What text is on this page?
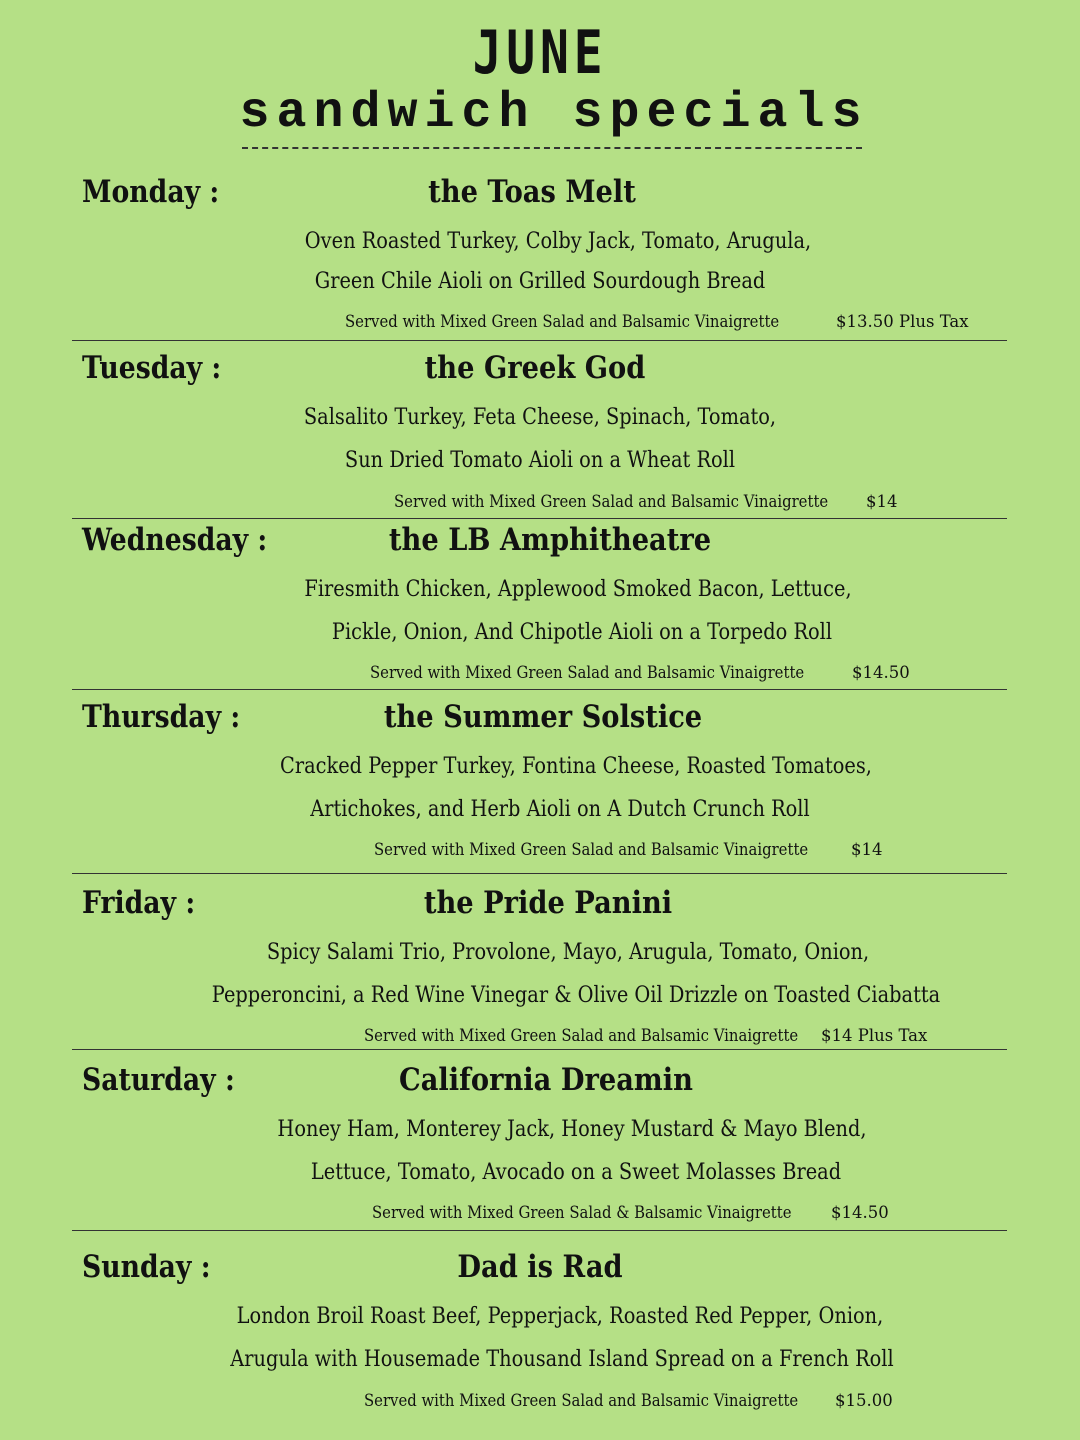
JUNE
sandwich specials
Monday :	the Toas Melt
Oven Roasted Turkey, Colby Jack, Tomato, Arugula,
Green Chile Aioli on Grilled Sourdough Bread
Served with Mixed Green Salad and Balsamic Vinaigrette	$13.50 Plus Tax
Tuesday :	the Greek God
Salsalito Turkey, Feta Cheese, Spinach, Tomato,
Sun Dried Tomato Aioli on a Wheat Roll
Served with Mixed Green Salad and Balsamic Vinaigrette	$14
Wednesday :	the LB Amphitheatre
Firesmith Chicken, Applewood Smoked Bacon, Lettuce,
Pickle, Onion, And Chipotle Aioli on a Torpedo Roll
Served with Mixed Green Salad and Balsamic Vinaigrette	$14.50
Thursday :	the Summer Solstice
Cracked Pepper Turkey, Fontina Cheese, Roasted Tomatoes,
Artichokes, and Herb Aioli on A Dutch Crunch Roll
Served with Mixed Green Salad and Balsamic Vinaigrette	$14
Friday :	the Pride Panini
Spicy Salami Trio, Provolone, Mayo, Arugula, Tomato, Onion,
Pepperoncini, a Red Wine Vinegar & Olive Oil Drizzle on Toasted Ciabatta
Served with Mixed Green Salad and Balsamic Vinaigrette	$14 Plus Tax
Saturday :	California Dreamin
Honey Ham, Monterey Jack, Honey Mustard & Mayo Blend,
Lettuce, Tomato, Avocado on a Sweet Molasses Bread
Served with Mixed Green Salad & Balsamic Vinaigrette	$14.50
Sunday :	Dad is Rad
London Broil Roast Beef, Pepperjack, Roasted Red Pepper, Onion,
Arugula with Housemade Thousand Island Spread on a French Roll
Served with Mixed Green Salad and Balsamic Vinaigrette	$15.00
